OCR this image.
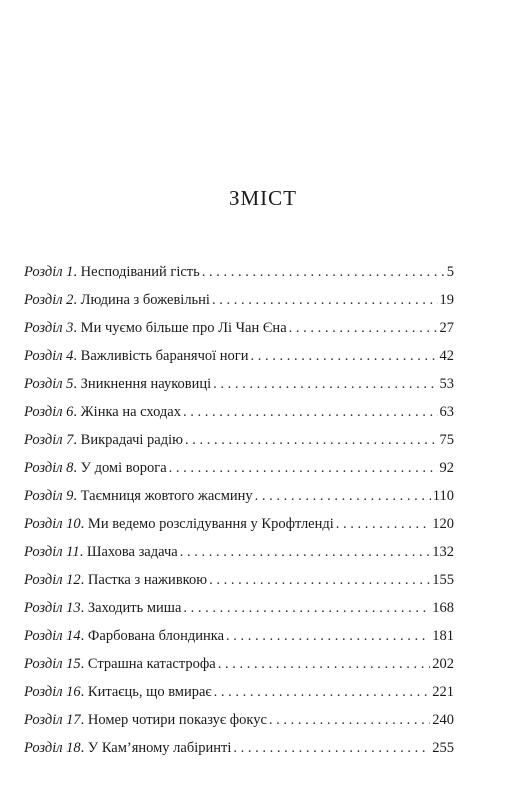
ЗМІСТ
Розділ 1 . Несподіваний гість . . .	5
Розділ 2 . Людина з божевільні . . .	19
Розділ 3 . Ми чуємо більше про Лі Чан Єна . . .	27
Розділ 4 . Важливість баранячої ноги . . .	42
Розділ 5 . Зникнення науковиці . . .	53
Розділ 6 . Жінка на сходах . . .	63
Розділ 7 . Викрадачі радію . . .	75
Розділ 8 . У домі ворога . . .	92
Розділ 9 . Таємниця жовтого жасмину . . .	110
Розділ 10 . Ми ведемо розслідування у Крофтленді . . .	120
Розділ 11 . Шахова задача . . .	132
Розділ 12 . Пастка з наживкою . . .	155
Розділ 13 . Заходить миша . . .	168
Розділ 14 . Фарбована блондинка . . .	181
Розділ 15 . Страшна катастрофа . . .	202
Розділ 16 . Китаєць, що вмирає . . .	221
Розділ 17 . Номер чотири показує фокус . . .	240
Розділ 18 . У Кам’яному лабіринті . . .	255
